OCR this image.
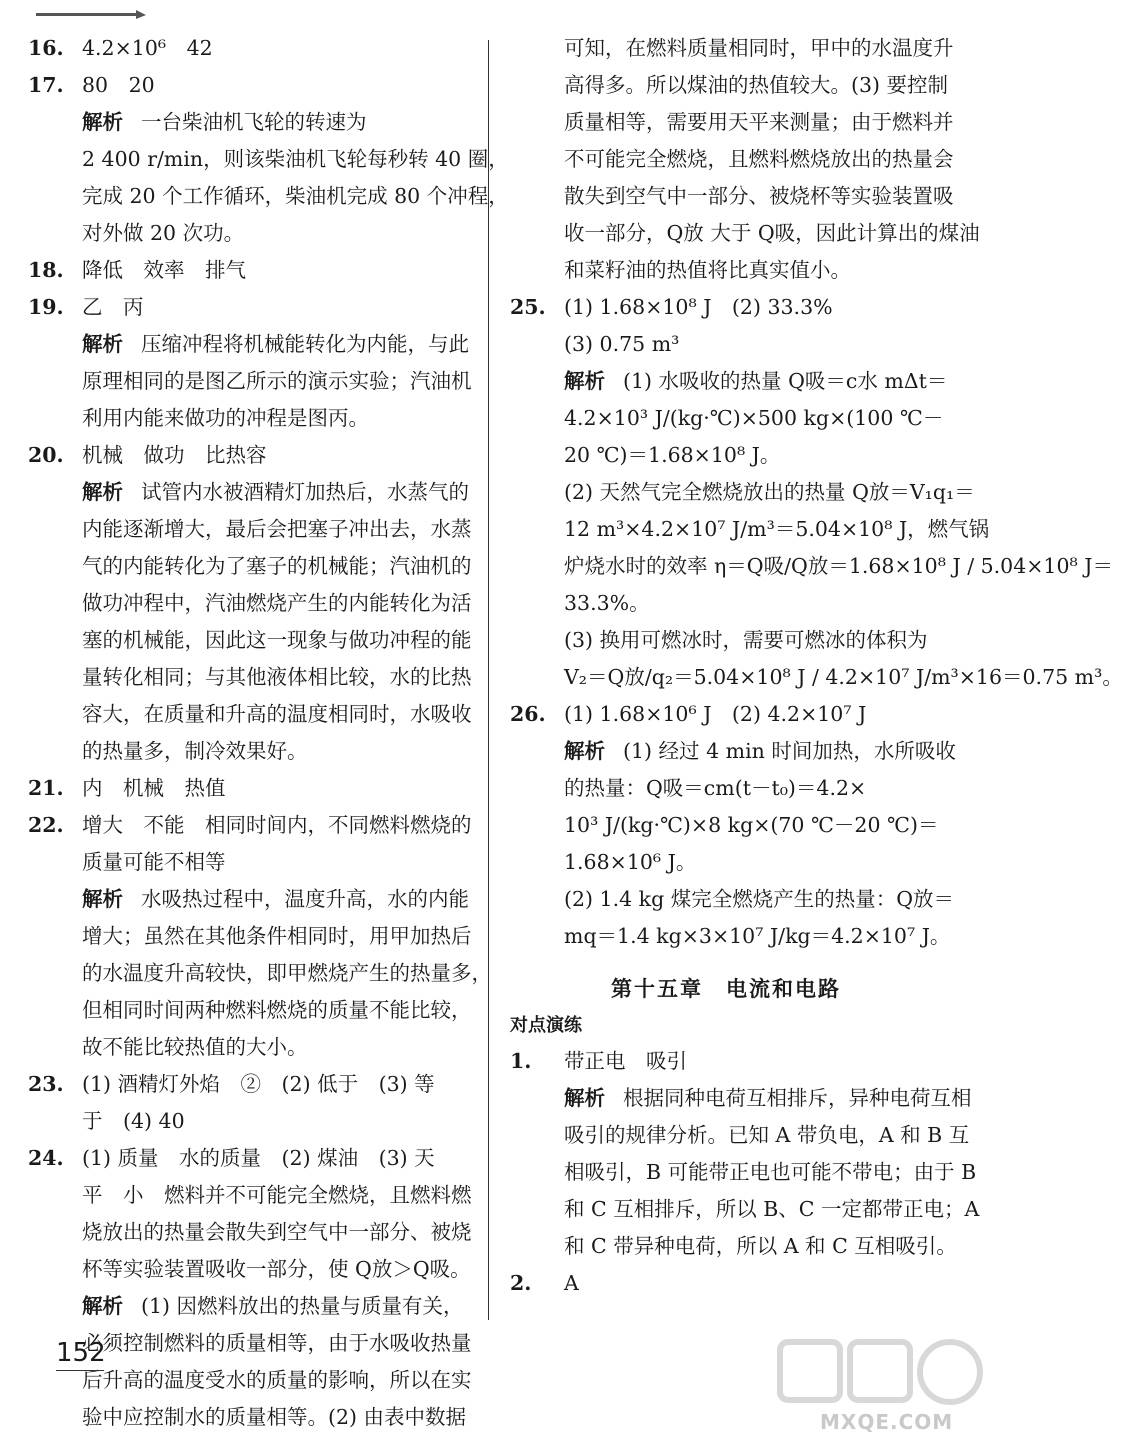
16. 4.2×10⁶　42

17. 80　20

解析 一台柴油机飞轮的转速为

2 400 r/min，则该柴油机飞轮每秒转 40 圈，

完成 20 个工作循环，柴油机完成 80 个冲程，

对外做 20 次功。

18. 降低　效率　排气

19. 乙　丙

解析 压缩冲程将机械能转化为内能，与此

原理相同的是图乙所示的演示实验；汽油机

利用内能来做功的冲程是图丙。

20. 机械　做功　比热容

解析 试管内水被酒精灯加热后，水蒸气的

内能逐渐增大，最后会把塞子冲出去，水蒸

气的内能转化为了塞子的机械能；汽油机的

做功冲程中，汽油燃烧产生的内能转化为活

塞的机械能，因此这一现象与做功冲程的能

量转化相同；与其他液体相比较，水的比热

容大，在质量和升高的温度相同时，水吸收

的热量多，制冷效果好。

21. 内　机械　热值

22. 增大　不能　相同时间内，不同燃料燃烧的

质量可能不相等

解析 水吸热过程中，温度升高，水的内能

增大；虽然在其他条件相同时，用甲加热后

的水温度升高较快，即甲燃烧产生的热量多，

但相同时间两种燃料燃烧的质量不能比较，

故不能比较热值的大小。

23. (1) 酒精灯外焰　②　(2) 低于　(3) 等

于　(4) 40

24. (1) 质量　水的质量　(2) 煤油　(3) 天

平　小　燃料并不可能完全燃烧，且燃料燃

烧放出的热量会散失到空气中一部分、被烧

杯等实验装置吸收一部分，使 Q放＞Q吸。

解析 (1) 因燃料放出的热量与质量有关，

必须控制燃料的质量相等，由于水吸收热量

后升高的温度受水的质量的影响，所以在实

验中应控制水的质量相等。(2) 由表中数据

可知，在燃料质量相同时，甲中的水温度升

高得多。所以煤油的热值较大。(3) 要控制

质量相等，需要用天平来测量；由于燃料并

不可能完全燃烧，且燃料燃烧放出的热量会

散失到空气中一部分、被烧杯等实验装置吸

收一部分，Q放 大于 Q吸，因此计算出的煤油

和菜籽油的热值将比真实值小。

25. (1) 1.68×10⁸ J　(2) 33.3%

(3) 0.75 m³

解析 (1) 水吸收的热量 Q吸＝c水 mΔt＝

4.2×10³ J/(kg·℃)×500 kg×(100 ℃－

20 ℃)＝1.68×10⁸ J。

(2) 天然气完全燃烧放出的热量 Q放＝V₁q₁＝

12 m³×4.2×10⁷ J/m³＝5.04×10⁸ J，燃气锅

炉烧水时的效率 η＝Q吸/Q放＝1.68×10⁸ J / 5.04×10⁸ J＝

33.3%。

(3) 换用可燃冰时，需要可燃冰的体积为

V₂＝Q放/q₂＝5.04×10⁸ J / 4.2×10⁷ J/m³×16＝0.75 m³。

26. (1) 1.68×10⁶ J　(2) 4.2×10⁷ J

解析 (1) 经过 4 min 时间加热，水所吸收

的热量：Q吸＝cm(t－t₀)＝4.2×

10³ J/(kg·℃)×8 kg×(70 ℃－20 ℃)＝

1.68×10⁶ J。

(2) 1.4 kg 煤完全燃烧产生的热量：Q放＝

mq＝1.4 kg×3×10⁷ J/kg＝4.2×10⁷ J。

第十五章　电流和电路
对点演练

1. 带正电　吸引

解析 根据同种电荷互相排斥，异种电荷互相

吸引的规律分析。已知 A 带负电，A 和 B 互

相吸引，B 可能带正电也可能不带电；由于 B

和 C 互相排斥，所以 B、C 一定都带正电；A

和 C 带异种电荷，所以 A 和 C 互相吸引。

2. A

152
MXQE.COM
